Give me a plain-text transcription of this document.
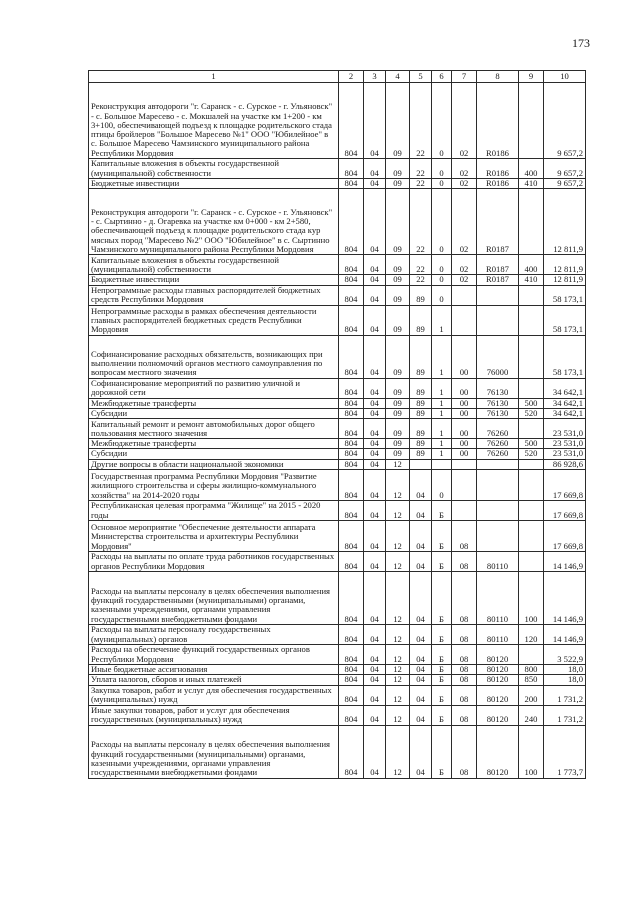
173
1	2	3	4	5	6	7	8	9	10
Реконструкция автодороги "г. Саранск - с. Сурское - г. Ульяновск" - с. Большое Маресево - с. Мокшалей на участке км 1+200 - км 3+100, обеспечивающей подъезд к площадке родительского стада птицы бройлеров "Большое Маресево №1" ООО "Юбилейное" в с. Большое Маресево Чамзинского муниципального района Республики Мордовия	804	04	09	22	0	02	R0186		9 657,2
Капитальные вложения в объекты государственной (муниципальной) собственности	804	04	09	22	0	02	R0186	400	9 657,2
Бюджетные инвестиции	804	04	09	22	0	02	R0186	410	9 657,2
Реконструкция автодороги "г. Саранск - с. Сурское - г. Ульяновск" - с. Сыртинно - д. Огаревка на участке км 0+000 - км 2+580, обеспечивающей подъезд к площадке родительского стада кур мясных пород "Маресево №2" ООО "Юбилейное" в с. Сыртинно Чамзинского муниципального района Республики Мордовия	804	04	09	22	0	02	R0187		12 811,9
Капитальные вложения в объекты государственной (муниципальной) собственности	804	04	09	22	0	02	R0187	400	12 811,9
Бюджетные инвестиции	804	04	09	22	0	02	R0187	410	12 811,9
Непрограммные расходы главных распорядителей бюджетных средств Республики Мордовия	804	04	09	89	0				58 173,1
Непрограммные расходы в рамках обеспечения деятельности главных распорядителей бюджетных средств Республики Мордовия	804	04	09	89	1				58 173,1
Софинансирование расходных обязательств, возникающих при выполнении полномочий органов местного самоуправления по вопросам местного значения	804	04	09	89	1	00	76000		58 173,1
Софинансирование мероприятий по развитию уличной и дорожной сети	804	04	09	89	1	00	76130		34 642,1
Межбюджетные трансферты	804	04	09	89	1	00	76130	500	34 642,1
Субсидии	804	04	09	89	1	00	76130	520	34 642,1
Капитальный ремонт и ремонт автомобильных дорог общего пользования местного значения	804	04	09	89	1	00	76260		23 531,0
Межбюджетные трансферты	804	04	09	89	1	00	76260	500	23 531,0
Субсидии	804	04	09	89	1	00	76260	520	23 531,0
Другие вопросы в области национальной экономики	804	04	12						86 928,6
Государственная программа Республики Мордовия "Развитие жилищного строительства и сферы жилищно-коммунального хозяйства" на 2014-2020 годы	804	04	12	04	0				17 669,8
Республиканская целевая программа "Жилище" на 2015 - 2020 годы	804	04	12	04	Б				17 669,8
Основное мероприятие "Обеспечение деятельности аппарата Министерства строительства и архитектуры Республики Мордовия"	804	04	12	04	Б	08			17 669,8
Расходы на выплаты по оплате труда работников государственных органов Республики Мордовия	804	04	12	04	Б	08	80110		14 146,9
Расходы на выплаты персоналу в целях обеспечения выполнения функций государственными (муниципальными) органами, казенными учреждениями, органами управления государственными внебюджетными фондами	804	04	12	04	Б	08	80110	100	14 146,9
Расходы на выплаты персоналу государственных (муниципальных) органов	804	04	12	04	Б	08	80110	120	14 146,9
Расходы на обеспечение функций государственных органов Республики Мордовия	804	04	12	04	Б	08	80120		3 522,9
Иные бюджетные ассигнования	804	04	12	04	Б	08	80120	800	18,0
Уплата налогов, сборов и иных платежей	804	04	12	04	Б	08	80120	850	18,0
Закупка товаров, работ и услуг для обеспечения государственных (муниципальных) нужд	804	04	12	04	Б	08	80120	200	1 731,2
Иные закупки товаров, работ и услуг для обеспечения государственных (муниципальных) нужд	804	04	12	04	Б	08	80120	240	1 731,2
Расходы на выплаты персоналу в целях обеспечения выполнения функций государственными (муниципальными) органами, казенными учреждениями, органами управления государственными внебюджетными фондами	804	04	12	04	Б	08	80120	100	1 773,7
